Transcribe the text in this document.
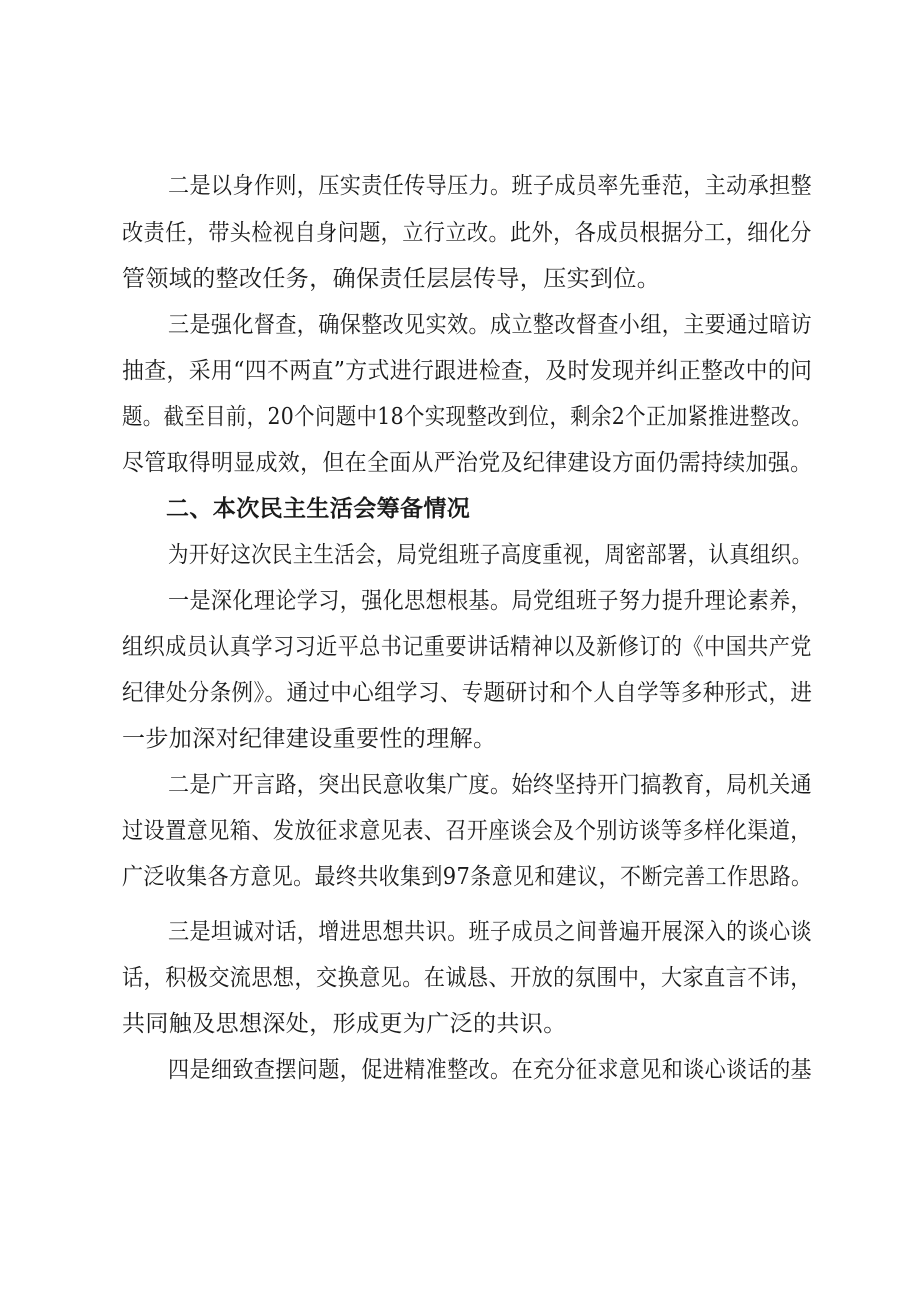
二是以身作则，压实责任传导压力。班子成员率先垂范，主动承担整
改责任，带头检视自身问题，立行立改。此外，各成员根据分工，细化分
管领域的整改任务，确保责任层层传导，压实到位。
三是强化督查，确保整改见实效。成立整改督查小组，主要通过暗访
抽查，采用“四不两直”方式进行跟进检查，及时发现并纠正整改中的问
题。截至目前，20个问题中18个实现整改到位，剩余2个正加紧推进整改。
尽管取得明显成效，但在全面从严治党及纪律建设方面仍需持续加强。
二、本次民主生活会筹备情况
为开好这次民主生活会，局党组班子高度重视，周密部署，认真组织。
一是深化理论学习，强化思想根基。局党组班子努力提升理论素养，
组织成员认真学习习近平总书记重要讲话精神以及新修订的《中国共产党
纪律处分条例》。通过中心组学习、专题研讨和个人自学等多种形式，进
一步加深对纪律建设重要性的理解。
二是广开言路，突出民意收集广度。始终坚持开门搞教育，局机关通
过设置意见箱、发放征求意见表、召开座谈会及个别访谈等多样化渠道，
广泛收集各方意见。最终共收集到97条意见和建议，不断完善工作思路。
三是坦诚对话，增进思想共识。班子成员之间普遍开展深入的谈心谈
话，积极交流思想，交换意见。在诚恳、开放的氛围中，大家直言不讳，
共同触及思想深处，形成更为广泛的共识。
四是细致查摆问题，促进精准整改。在充分征求意见和谈心谈话的基
